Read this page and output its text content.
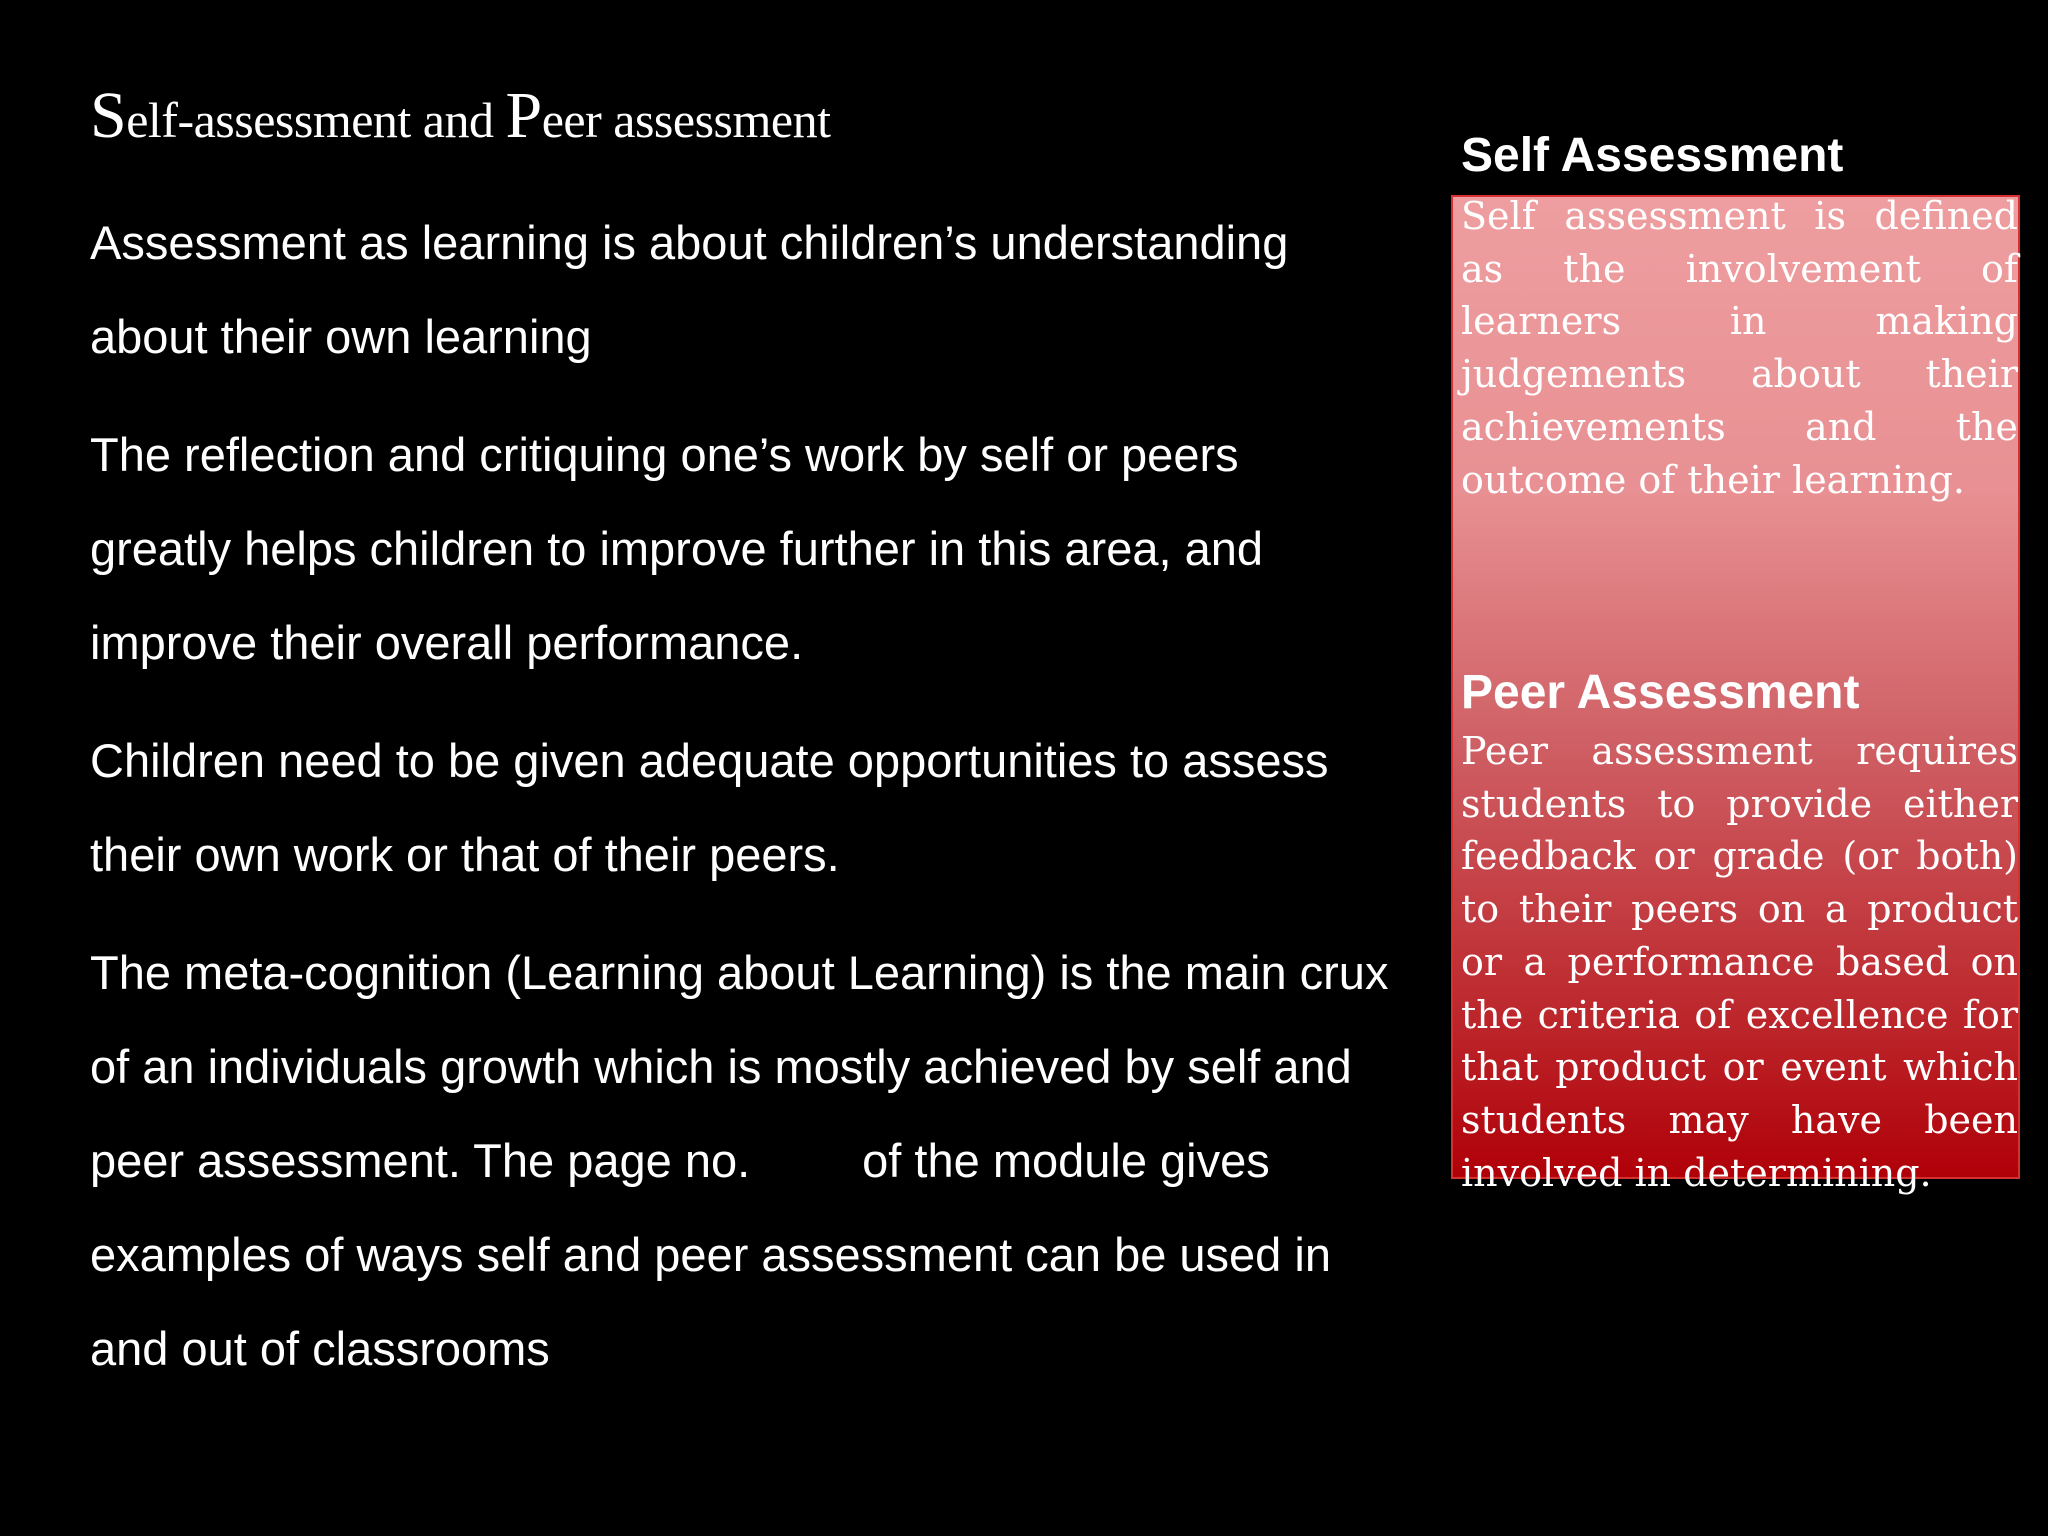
Self-assessment and Peer assessment

Assessment as learning is about children’s understanding about their own learning

The reflection and critiquing one’s work by self or peers greatly helps children to improve further in this area, and improve their overall performance.

Children need to be given adequate opportunities to assess their own work or that of their peers.

The meta-cognition (Learning about Learning) is the main crux of an individuals growth which is mostly achieved by self and peer assessment. The page no. of the module gives examples of ways self and peer assessment can be used in and out of classrooms

Self Assessment
Self assessment is defined as the involvement of learners in making judgements about their achievements and the outcome of their learning.
Peer Assessment
Peer assessment requires students to provide either feedback or grade (or both) to their peers on a product or a performance based on the criteria of excellence for that product or event which students may have been involved in determining.
